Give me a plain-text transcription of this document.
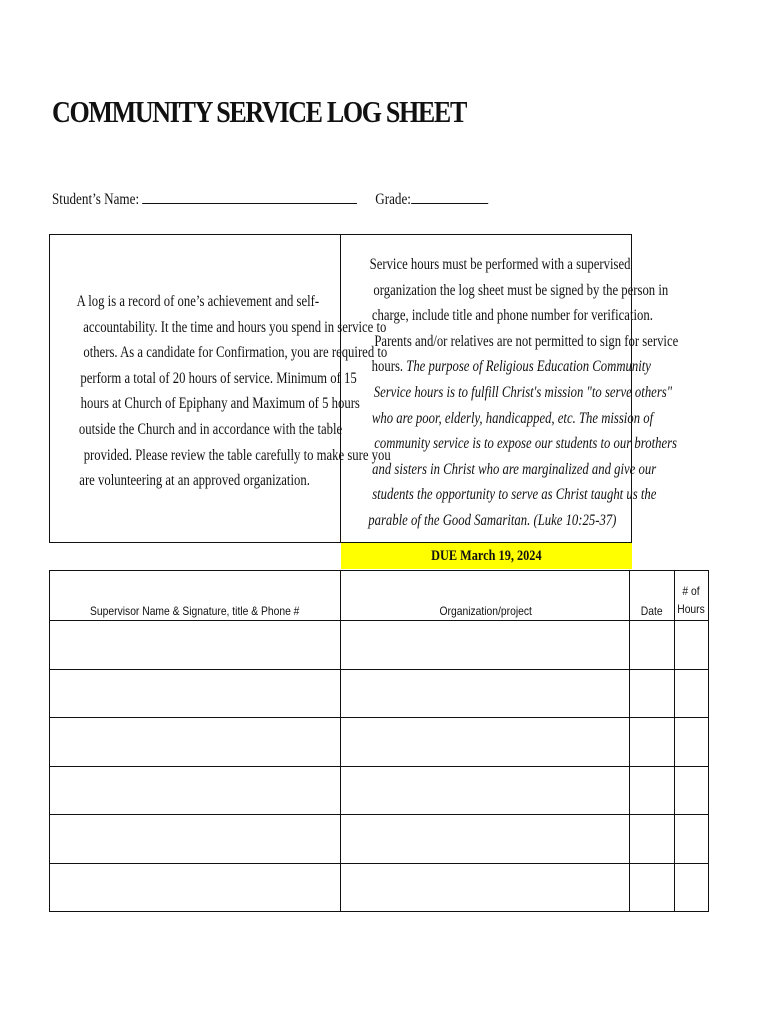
COMMUNITY SERVICE LOG SHEET
Student’s Name:	Grade:
A log is a record of one’s achievement and self-
accountability. It the time and hours you spend in service to
others. As a candidate for Confirmation, you are required to
perform a total of 20 hours of service. Minimum of 15
hours at Church of Epiphany and Maximum of 5 hours
outside the Church and in accordance with the table
provided. Please review the table carefully to make sure you
are volunteering at an approved organization.
Service hours must be performed with a supervised
organization the log sheet must be signed by the person in
charge, include title and phone number for verification.
Parents and/or relatives are not permitted to sign for service
hours. The purpose of Religious Education Community
Service hours is to fulfill Christ's mission "to serve others"
who are poor, elderly, handicapped, etc. The mission of
community service is to expose our students to our brothers
and sisters in Christ who are marginalized and give our
students the opportunity to serve as Christ taught us the
parable of the Good Samaritan. (Luke 10:25-37)
DUE March 19, 2024
Supervisor Name & Signature, title & Phone #	Organization/project	Date	# of
Hours
